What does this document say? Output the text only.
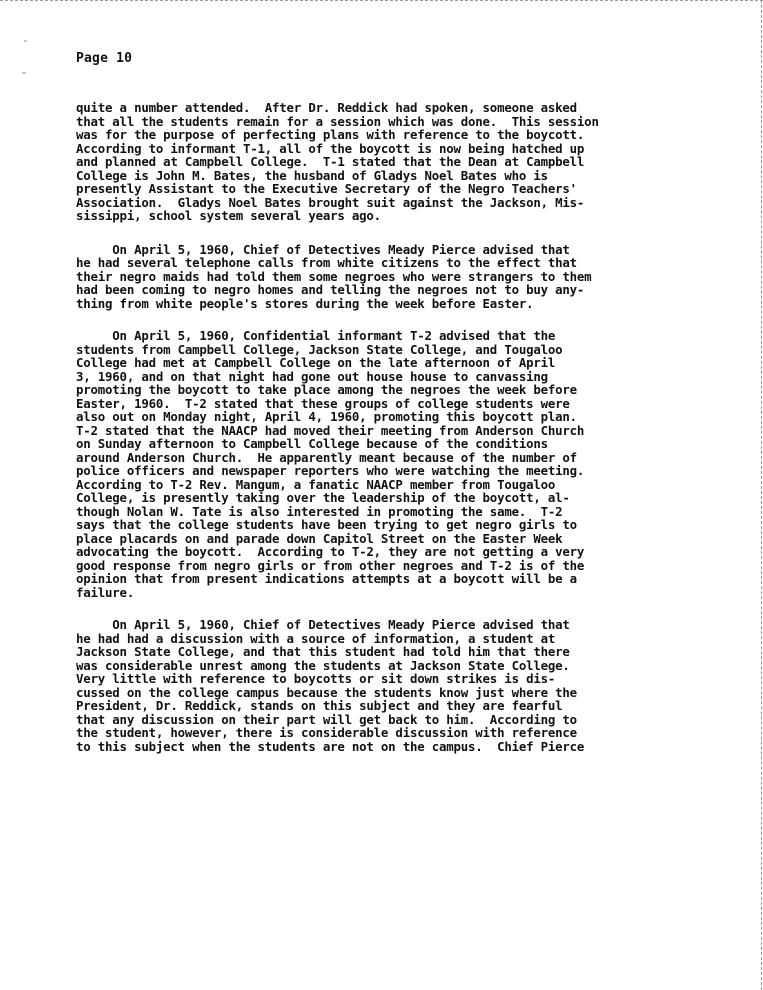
Page 10
quite a number attended.  After Dr. Reddick had spoken, someone asked
that all the students remain for a session which was done.  This session
was for the purpose of perfecting plans with reference to the boycott.
According to informant T-1, all of the boycott is now being hatched up
and planned at Campbell College.  T-1 stated that the Dean at Campbell
College is John M. Bates, the husband of Gladys Noel Bates who is
presently Assistant to the Executive Secretary of the Negro Teachers'
Association.  Gladys Noel Bates brought suit against the Jackson, Mis-
sissippi, school system several years ago.
On April 5, 1960, Chief of Detectives Meady Pierce advised that
he had several telephone calls from white citizens to the effect that
their negro maids had told them some negroes who were strangers to them
had been coming to negro homes and telling the negroes not to buy any-
thing from white people's stores during the week before Easter.
On April 5, 1960, Confidential informant T-2 advised that the
students from Campbell College, Jackson State College, and Tougaloo
College had met at Campbell College on the late afternoon of April
3, 1960, and on that night had gone out house house to canvassing
promoting the boycott to take place among the negroes the week before
Easter, 1960.  T-2 stated that these groups of college students were
also out on Monday night, April 4, 1960, promoting this boycott plan.
T-2 stated that the NAACP had moved their meeting from Anderson Church
on Sunday afternoon to Campbell College because of the conditions
around Anderson Church.  He apparently meant because of the number of
police officers and newspaper reporters who were watching the meeting.
According to T-2 Rev. Mangum, a fanatic NAACP member from Tougaloo
College, is presently taking over the leadership of the boycott, al-
though Nolan W. Tate is also interested in promoting the same.  T-2
says that the college students have been trying to get negro girls to
place placards on and parade down Capitol Street on the Easter Week
advocating the boycott.  According to T-2, they are not getting a very
good response from negro girls or from other negroes and T-2 is of the
opinion that from present indications attempts at a boycott will be a
failure.
On April 5, 1960, Chief of Detectives Meady Pierce advised that
he had had a discussion with a source of information, a student at
Jackson State College, and that this student had told him that there
was considerable unrest among the students at Jackson State College.
Very little with reference to boycotts or sit down strikes is dis-
cussed on the college campus because the students know just where the
President, Dr. Reddick, stands on this subject and they are fearful
that any discussion on their part will get back to him.  According to
the student, however, there is considerable discussion with reference
to this subject when the students are not on the campus.  Chief Pierce
